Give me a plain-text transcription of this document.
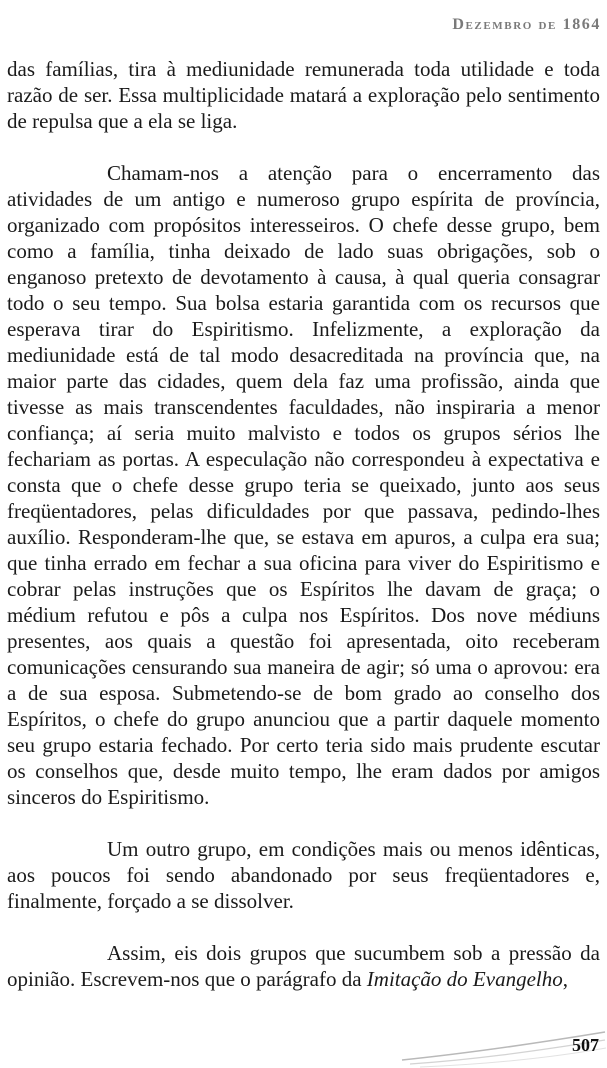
Dezembro de 1864

das famílias, tira à mediunidade remunerada toda utilidade e toda razão de ser. Essa multiplicidade matará a exploração pelo sentimento de repulsa que a ela se liga.

Chamam-nos a atenção para o encerramento das atividades de um antigo e numeroso grupo espírita de província, organizado com propósitos interesseiros. O chefe desse grupo, bem como a família, tinha deixado de lado suas obrigações, sob o enganoso pretexto de devotamento à causa, à qual queria consagrar todo o seu tempo. Sua bolsa estaria garantida com os recursos que esperava tirar do Espiritismo. Infelizmente, a exploração da mediunidade está de tal modo desacreditada na província que, na maior parte das cidades, quem dela faz uma profissão, ainda que tivesse as mais transcendentes faculdades, não inspiraria a menor confiança; aí seria muito malvisto e todos os grupos sérios lhe fechariam as portas. A especulação não correspondeu à expectativa e consta que o chefe desse grupo teria se queixado, junto aos seus freqüentadores, pelas dificuldades por que passava, pedindo-lhes auxílio. Responderam-lhe que, se estava em apuros, a culpa era sua; que tinha errado em fechar a sua oficina para viver do Espiritismo e cobrar pelas instruções que os Espíritos lhe davam de graça; o médium refutou e pôs a culpa nos Espíritos. Dos nove médiuns presentes, aos quais a questão foi apresentada, oito receberam comunicações censurando sua maneira de agir; só uma o aprovou: era a de sua esposa. Submetendo-se de bom grado ao conselho dos Espíritos, o chefe do grupo anunciou que a partir daquele momento seu grupo estaria fechado. Por certo teria sido mais prudente escutar os conselhos que, desde muito tempo, lhe eram dados por amigos sinceros do Espiritismo.

Um outro grupo, em condições mais ou menos idênticas, aos poucos foi sendo abandonado por seus freqüentadores e, finalmente, forçado a se dissolver.

Assim, eis dois grupos que sucumbem sob a pressão da opinião. Escrevem-nos que o parágrafo da Imitação do Evangelho,

507
